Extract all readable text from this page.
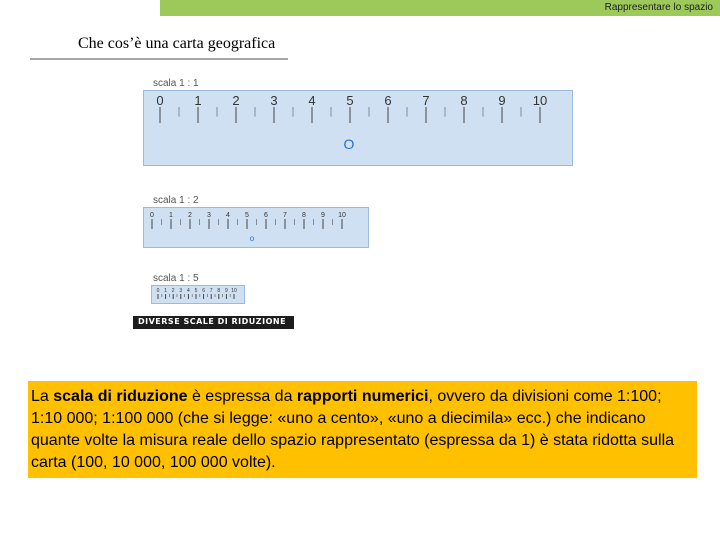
Rappresentare lo spazio
Che cos’è una carta geografica
scala 1 : 1
0 1 2 3 4 5 6 7 8 9 10
O
scala 1 : 2
0 1 2 3 4 5 6 7 8 9 10
o
scala 1 : 5
0 1 2 3 4 5 6 7 8 9 10
DIVERSE SCALE DI RIDUZIONE
La scala di riduzione è espressa da rapporti numerici, ovvero da divisioni come 1:100; 1:10 000; 1:100 000 (che si legge: «uno a cento», «uno a diecimila» ecc.) che indicano quante volte la misura reale dello spazio rappresentato (espressa da 1) è stata ridotta sulla carta (100, 10 000, 100 000 volte).
